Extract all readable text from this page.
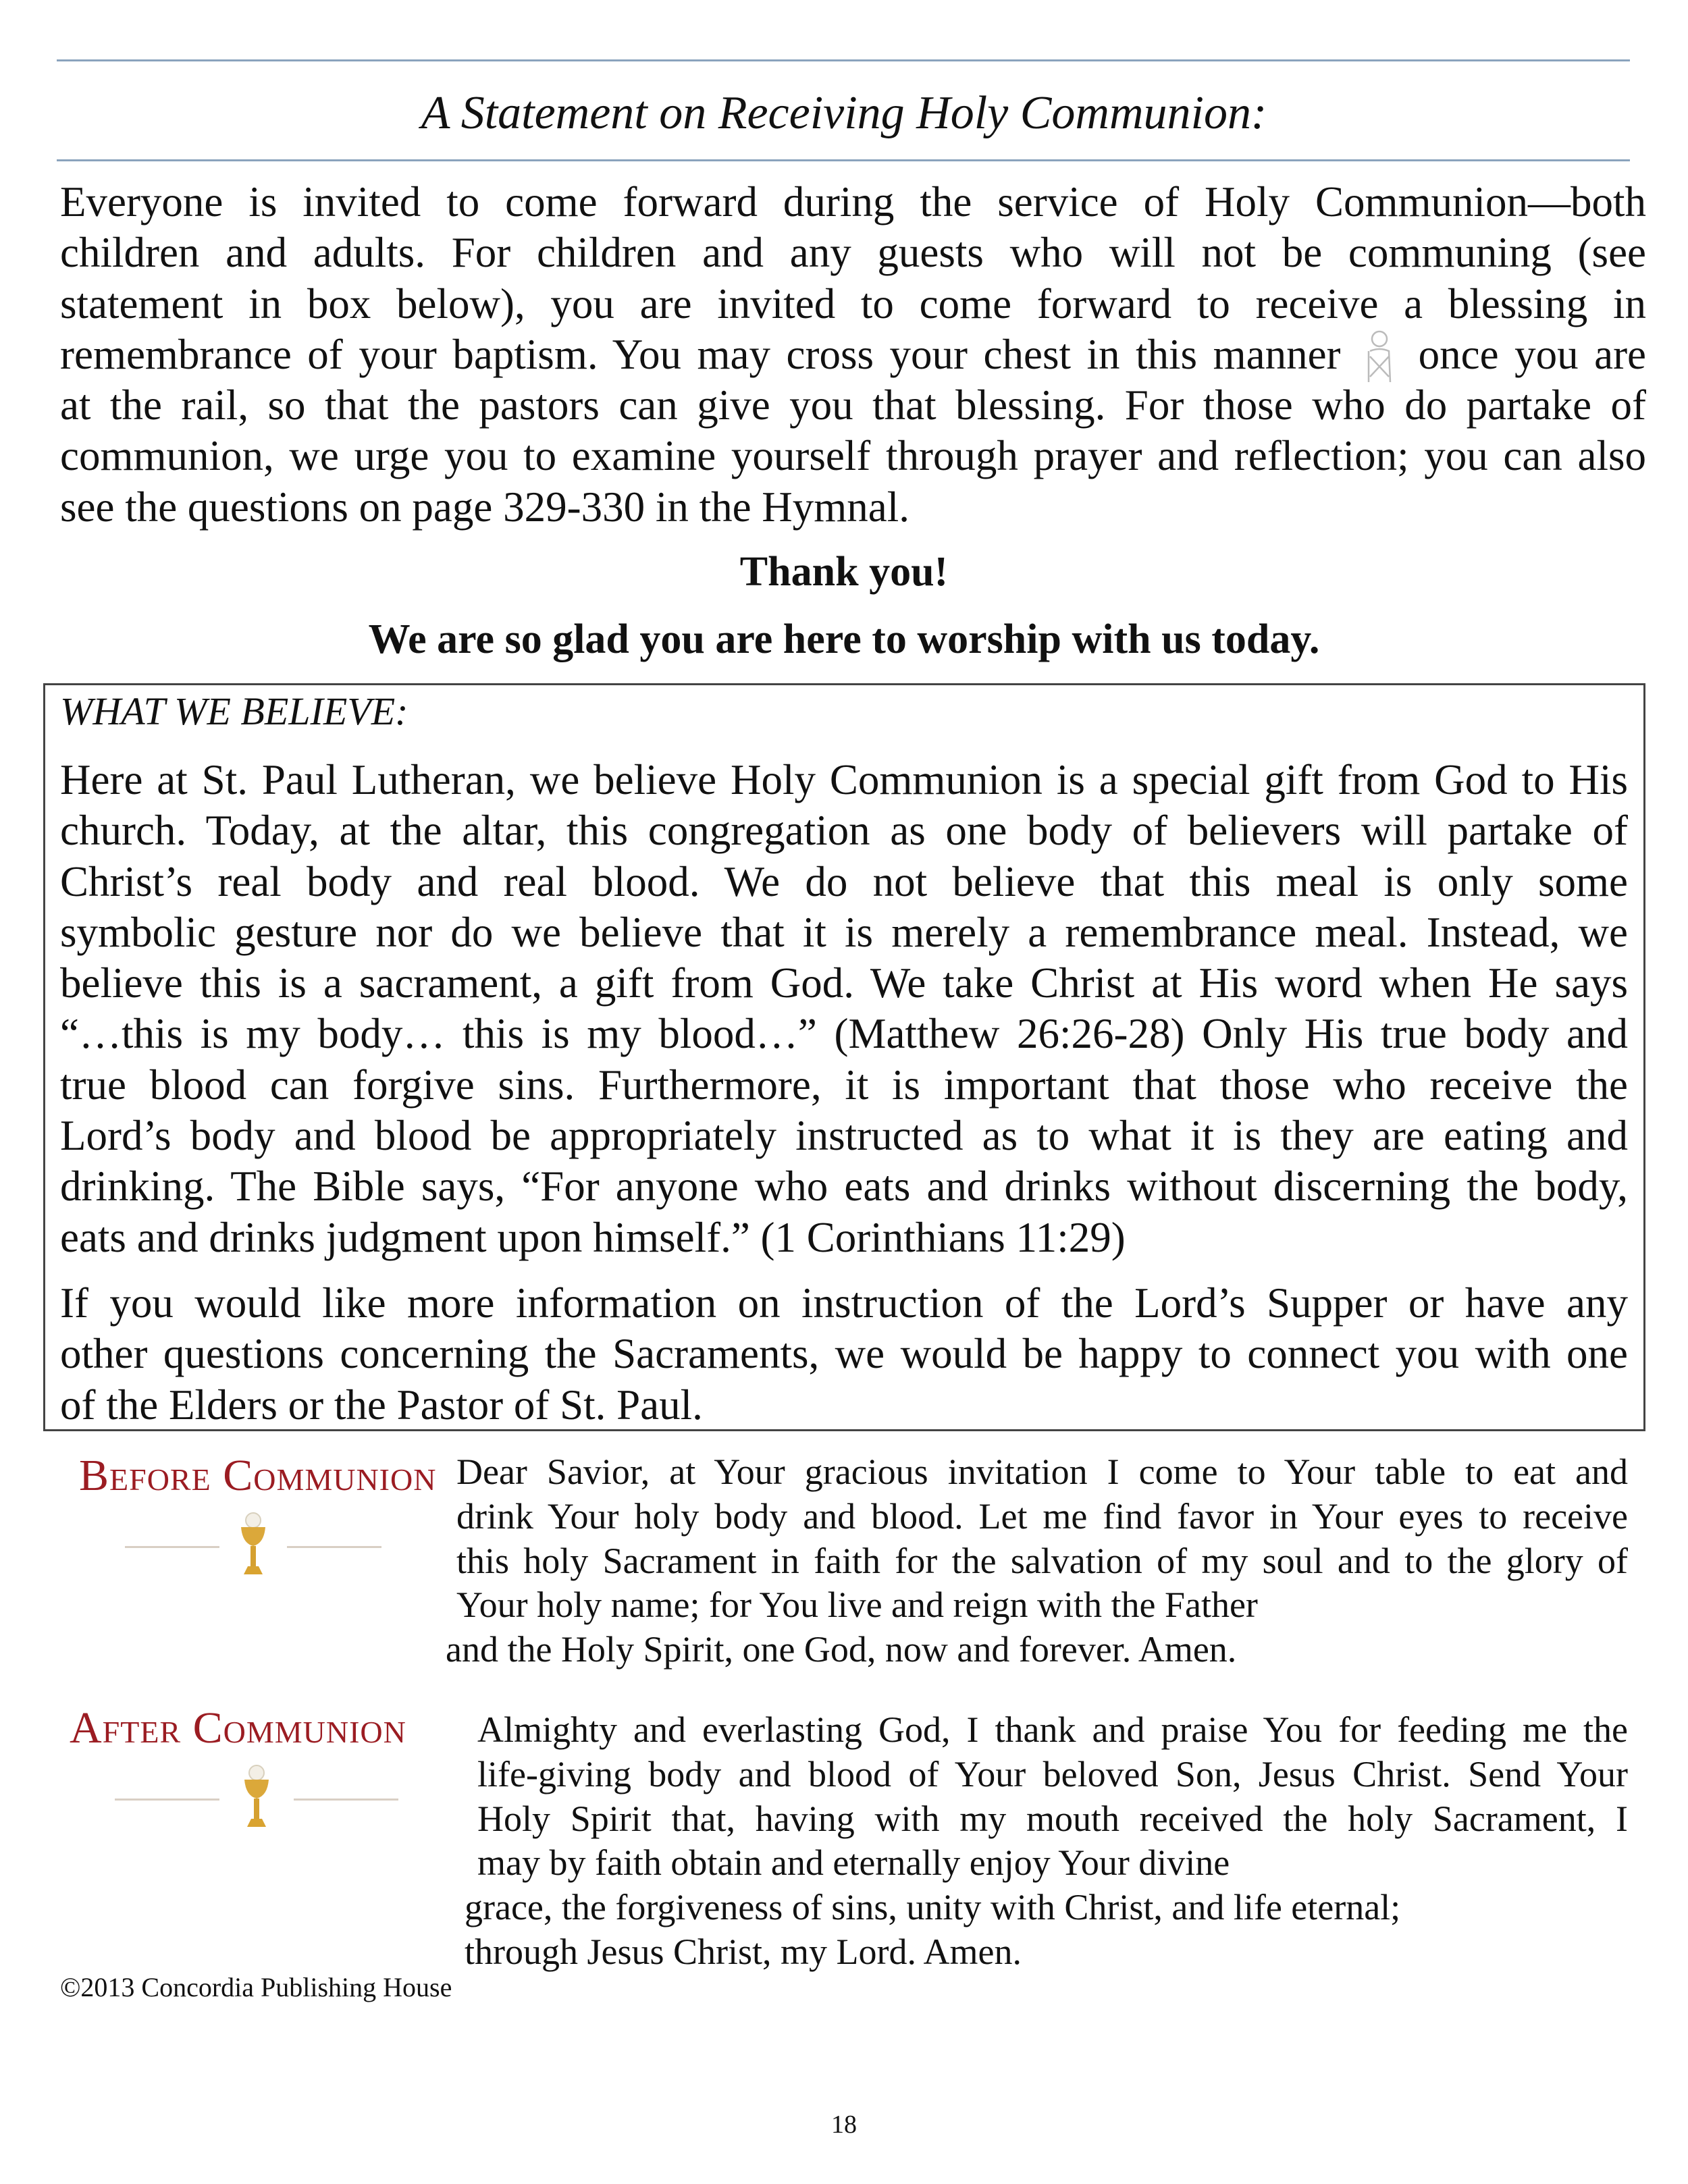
A Statement on Receiving Holy Communion:
Everyone is invited to come forward during the service of Holy Communion—both
children and adults. For children and any guests who will not be communing (see
statement in box below), you are invited to come forward to receive a blessing in
remembrance of your baptism. You may cross your chest in this manner once you are
at the rail, so that the pastors can give you that blessing. For those who do partake of
communion, we urge you to examine yourself through prayer and reflection; you can also
see the questions on page 329-330 in the Hymnal.
Thank you!
We are so glad you are here to worship with us today.
WHAT WE BELIEVE:
Here at St. Paul Lutheran, we believe Holy Communion is a special gift from God to His
church. Today, at the altar, this congregation as one body of believers will partake of
Christ’s real body and real blood. We do not believe that this meal is only some
symbolic gesture nor do we believe that it is merely a remembrance meal. Instead, we
believe this is a sacrament, a gift from God. We take Christ at His word when He says
“…this is my body… this is my blood…” (Matthew 26:26-28) Only His true body and
true blood can forgive sins. Furthermore, it is important that those who receive the
Lord’s body and blood be appropriately instructed as to what it is they are eating and
drinking. The Bible says, “For anyone who eats and drinks without discerning the body,
eats and drinks judgment upon himself.” (1 Corinthians 11:29)
If you would like more information on instruction of the Lord’s Supper or have any
other questions concerning the Sacraments, we would be happy to connect you with one
of the Elders or the Pastor of St. Paul.
Before Communion Dear Savior, at Your gracious invitation I come to Your table to eat and
drink Your holy body and blood. Let me find favor in Your eyes to receive
this holy Sacrament in faith for the salvation of my soul and to the glory of
Your holy name; for You live and reign with the Father
and the Holy Spirit, one God, now and forever. Amen.
After Communion Almighty and everlasting God, I thank and praise You for feeding me the
life-giving body and blood of Your beloved Son, Jesus Christ. Send Your
Holy Spirit that, having with my mouth received the holy Sacrament, I
may by faith obtain and eternally enjoy Your divine
grace, the forgiveness of sins, unity with Christ, and life eternal;
through Jesus Christ, my Lord. Amen.
©2013 Concordia Publishing House
18
